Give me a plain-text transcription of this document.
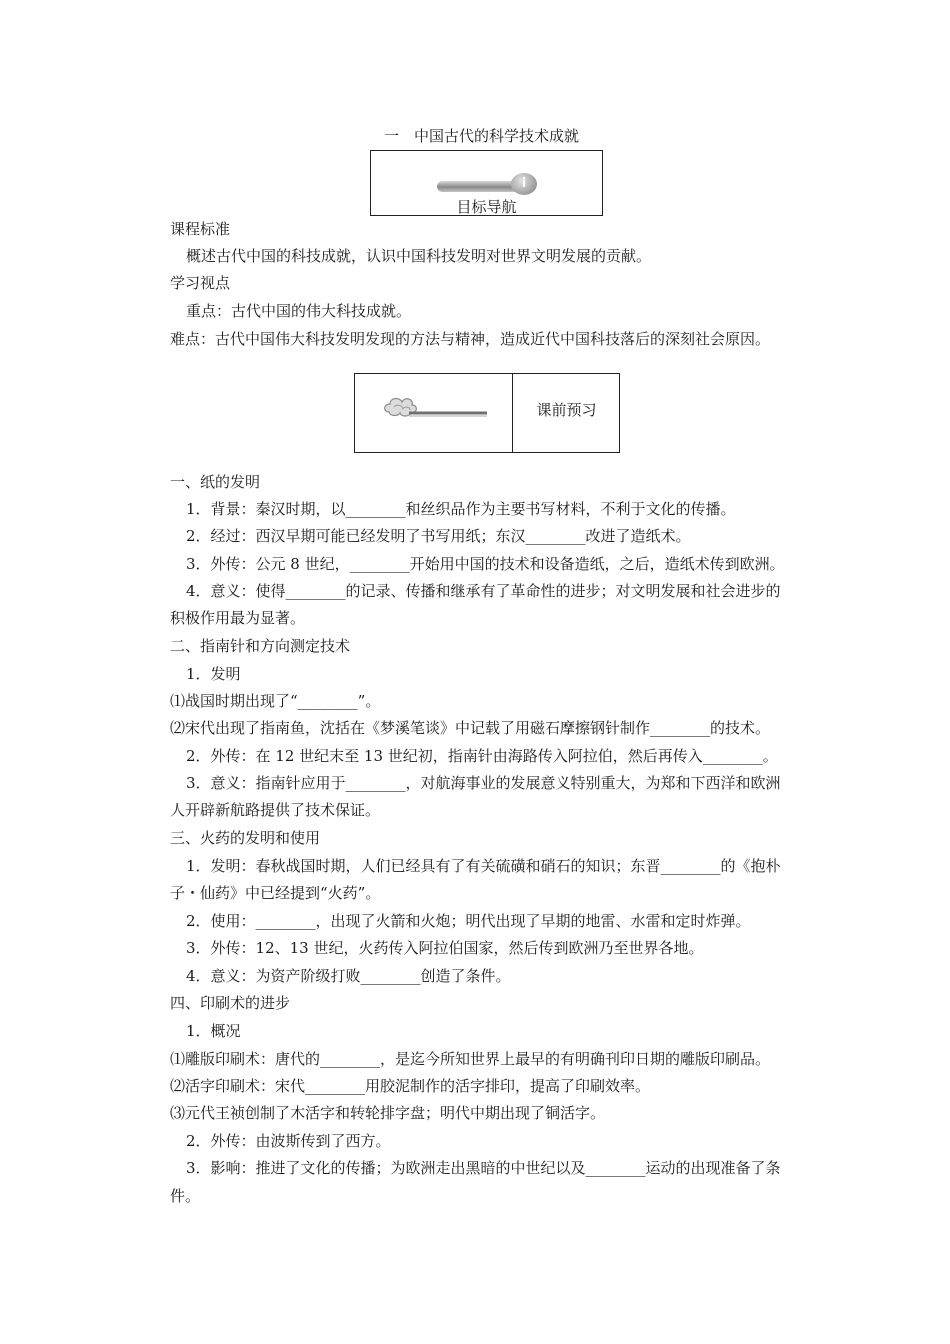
一　中国古代的科学技术成就
i
目标导航
课程标准
概述古代中国的科技成就，认识中国科技发明对世界文明发展的贡献。
学习视点
重点：古代中国的伟大科技成就。
难点：古代中国伟大科技发明发现的方法与精神，造成近代中国科技落后的深刻社会原因。
课前预习
一、纸的发明
1．背景：秦汉时期，以________和丝织品作为主要书写材料，不利于文化的传播。
2．经过：西汉早期可能已经发明了书写用纸；东汉________改进了造纸术。
3．外传：公元 8 世纪，________开始用中国的技术和设备造纸，之后，造纸术传到欧洲。
4．意义：使得________的记录、传播和继承有了革命性的进步；对文明发展和社会进步的
积极作用最为显著。
二、指南针和方向测定技术
1．发明
⑴战国时期出现了“________”。
⑵宋代出现了指南鱼，沈括在《梦溪笔谈》中记载了用磁石摩擦钢针制作________的技术。
2．外传：在 12 世纪末至 13 世纪初，指南针由海路传入阿拉伯，然后再传入________。
3．意义：指南针应用于________，对航海事业的发展意义特别重大，为郑和下西洋和欧洲
人开辟新航路提供了技术保证。
三、火药的发明和使用
1．发明：春秋战国时期，人们已经具有了有关硫磺和硝石的知识；东晋________的《抱朴
子・仙药》中已经提到“火药”。
2．使用：________，出现了火箭和火炮；明代出现了早期的地雷、水雷和定时炸弹。
3．外传：12、13 世纪，火药传入阿拉伯国家，然后传到欧洲乃至世界各地。
4．意义：为资产阶级打败________创造了条件。
四、印刷术的进步
1．概况
⑴雕版印刷术：唐代的________，是迄今所知世界上最早的有明确刊印日期的雕版印刷品。
⑵活字印刷术：宋代________用胶泥制作的活字排印，提高了印刷效率。
⑶元代王祯创制了木活字和转轮排字盘；明代中期出现了铜活字。
2．外传：由波斯传到了西方。
3．影响：推进了文化的传播；为欧洲走出黑暗的中世纪以及________运动的出现准备了条
件。
